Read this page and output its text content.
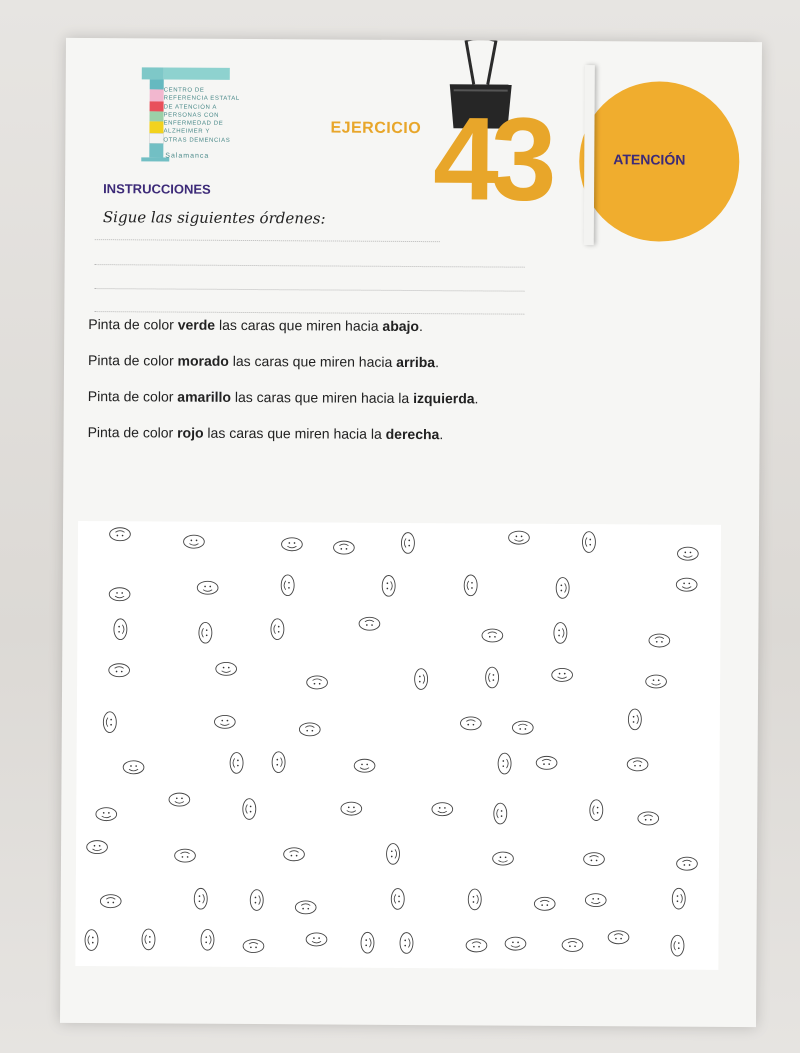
CENTRO DE
REFERENCIA ESTATAL
DE ATENCIÓN A
PERSONAS CON
ENFERMEDAD DE
ALZHEIMER Y
OTRAS DEMENCIAS
Salamanca
EJERCICIO 43	ATENCIÓN
INSTRUCCIONES
Sigue las siguientes órdenes:
Pinta de color verde las caras que miren hacia abajo.
Pinta de color morado las caras que miren hacia arriba.
Pinta de color amarillo las caras que miren hacia la izquierda.
Pinta de color rojo las caras que miren hacia la derecha.
